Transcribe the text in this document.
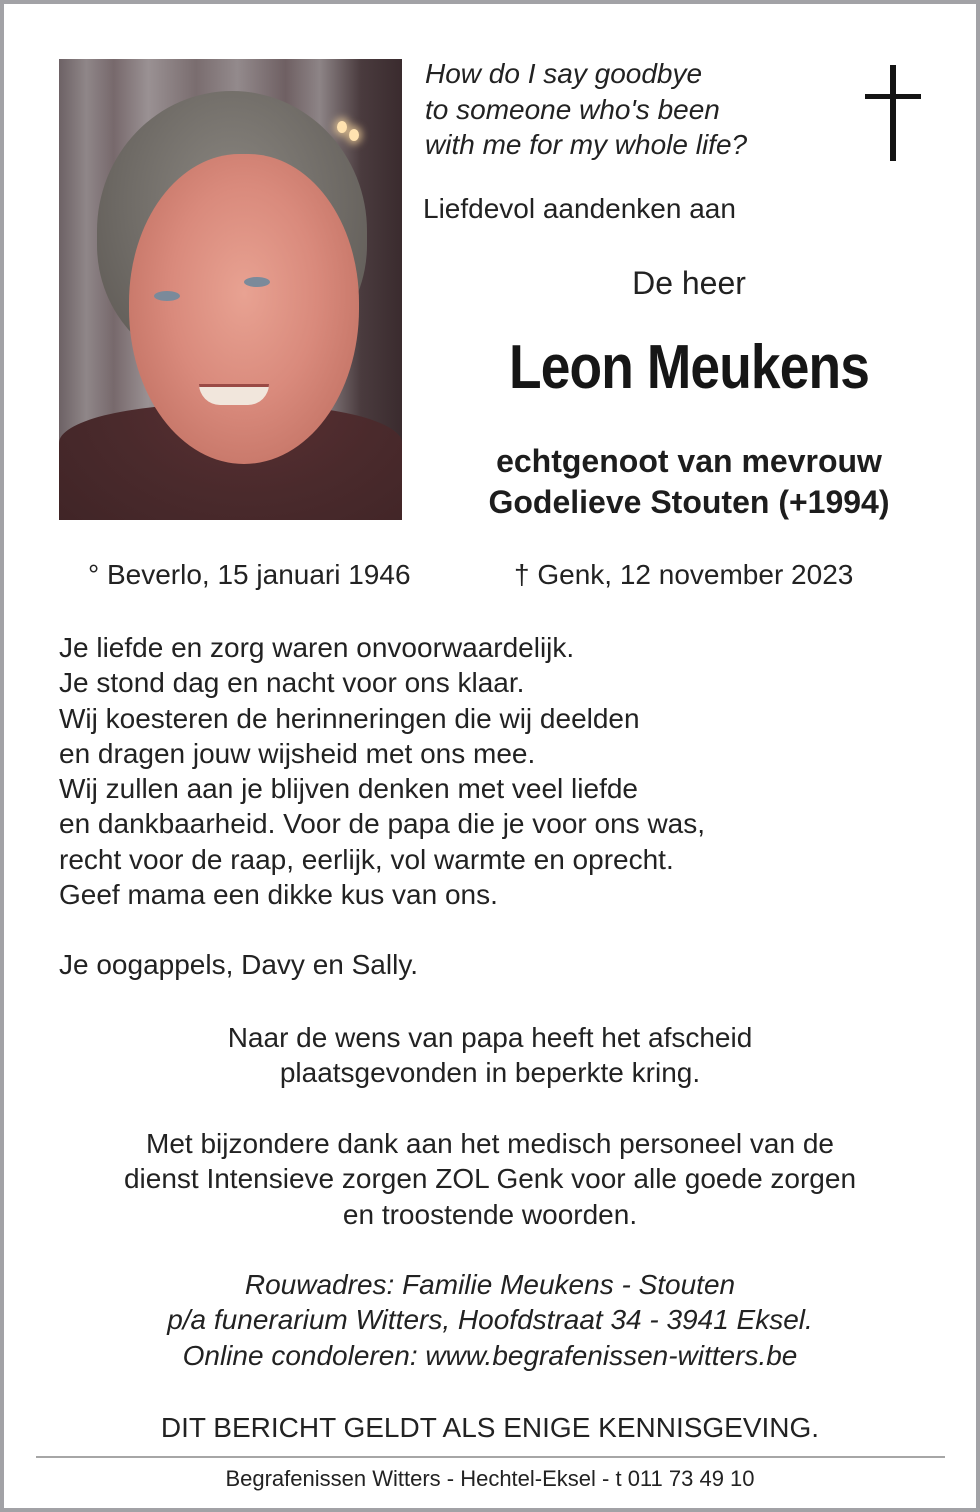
How do I say goodbye
to someone who's been
with me for my whole life?
Liefdevol aandenken aan
De heer
Leon Meukens
echtgenoot van mevrouw
Godelieve Stouten (+1994)
° Beverlo, 15 januari 1946	† Genk, 12 november 2023
Je liefde en zorg waren onvoorwaardelijk.
Je stond dag en nacht voor ons klaar.
Wij koesteren de herinneringen die wij deelden
en dragen jouw wijsheid met ons mee.
Wij zullen aan je blijven denken met veel liefde
en dankbaarheid. Voor de papa die je voor ons was,
recht voor de raap, eerlijk, vol warmte en oprecht.
Geef mama een dikke kus van ons.
Je oogappels, Davy en Sally.
Naar de wens van papa heeft het afscheid
plaatsgevonden in beperkte kring.
Met bijzondere dank aan het medisch personeel van de
dienst Intensieve zorgen ZOL Genk voor alle goede zorgen
en troostende woorden.
Rouwadres: Familie Meukens - Stouten
p/a funerarium Witters, Hoofdstraat 34 - 3941 Eksel.
Online condoleren: www.begrafenissen-witters.be
DIT BERICHT GELDT ALS ENIGE KENNISGEVING.
Begrafenissen Witters - Hechtel-Eksel - t 011 73 49 10
